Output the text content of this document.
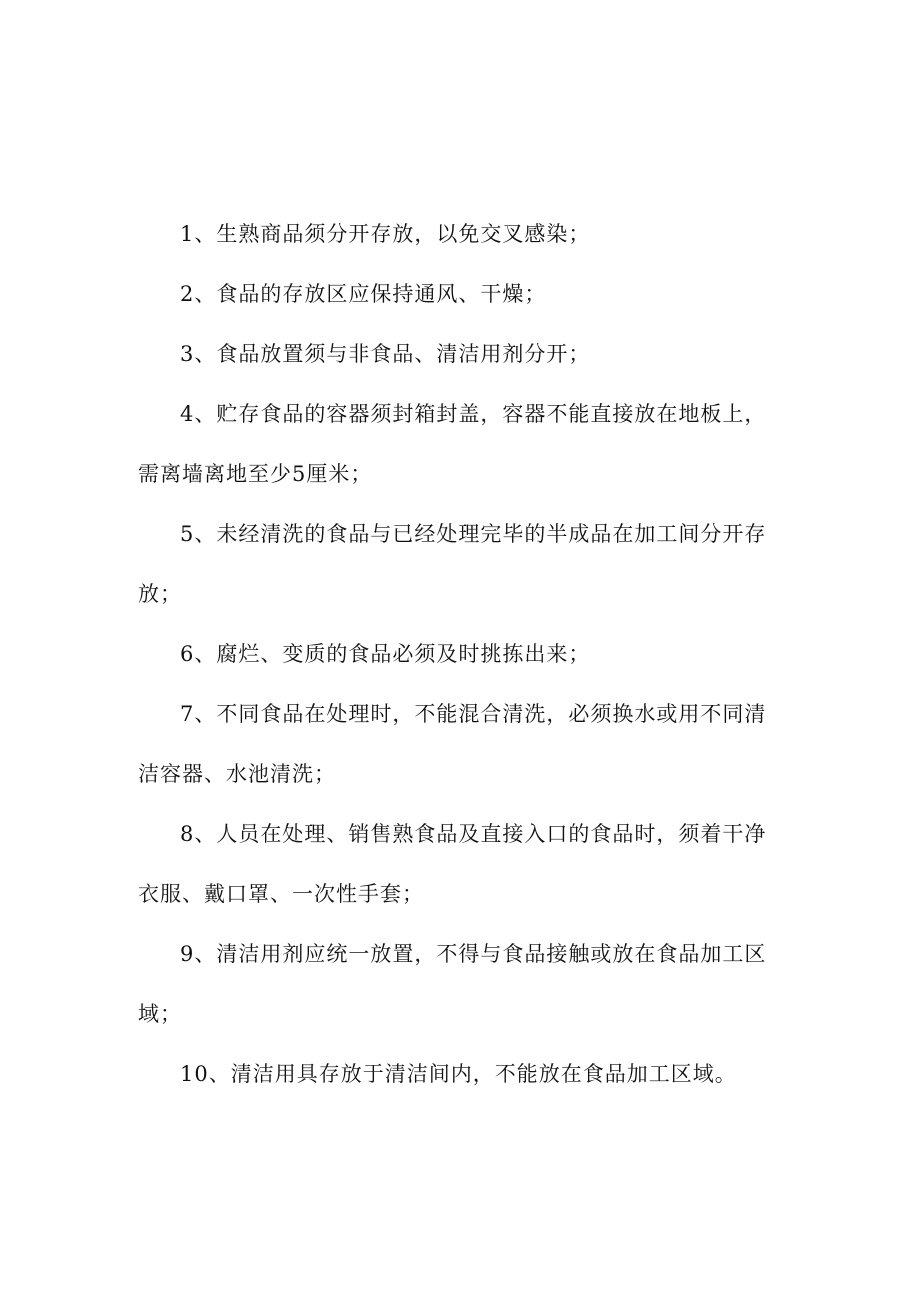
1、生熟商品须分开存放，以免交叉感染；

2、食品的存放区应保持通风、干燥；

3、食品放置须与非食品、清洁用剂分开；

4、贮存食品的容器须封箱封盖，容器不能直接放在地板上，需离墙离地至少5厘米；

5、未经清洗的食品与已经处理完毕的半成品在加工间分开存放；

6、腐烂、变质的食品必须及时挑拣出来；

7、不同食品在处理时，不能混合清洗，必须换水或用不同清洁容器、水池清洗；

8、人员在处理、销售熟食品及直接入口的食品时，须着干净衣服、戴口罩、一次性手套；

9、清洁用剂应统一放置，不得与食品接触或放在食品加工区域；

10、清洁用具存放于清洁间内，不能放在食品加工区域。
